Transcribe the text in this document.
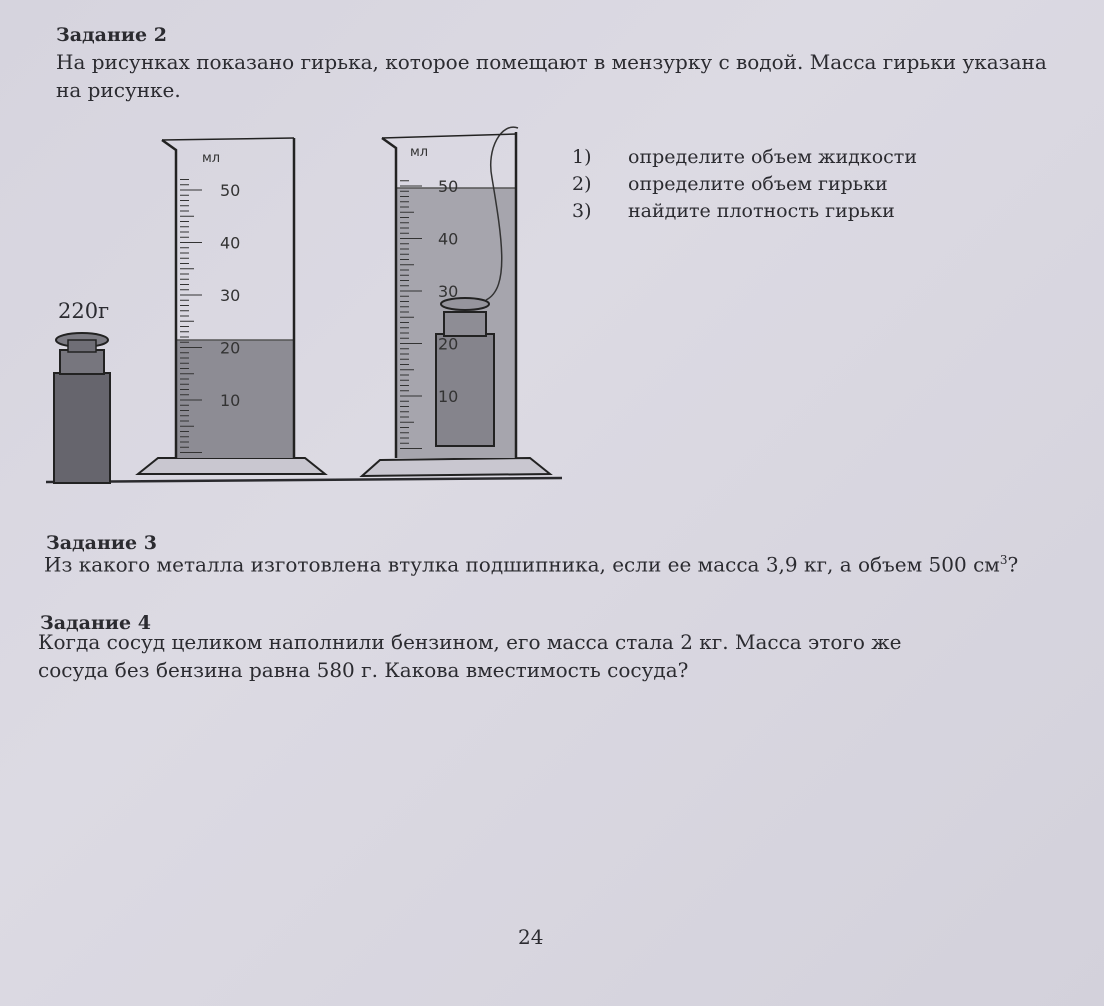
Задание 2
На рисунках показано гирька, которое помещают в мензурку с водой. Масса гирьки указана
на рисунке.
220г
мл
50
40
30
20
10
мл
50
40
30
20
10
1)	определите объем жидкости
2)	определите объем гирьки
3)	найдите плотность гирьки
Задание 3
Из какого металла изготовлена втулка подшипника, если ее масса 3,9 кг, а объем 500 $см^3$?
Задание 4
Когда сосуд целиком наполнили бензином, его масса стала 2 кг. Масса этого же
сосуда без бензина равна 580 г. Какова вместимость сосуда?
24
